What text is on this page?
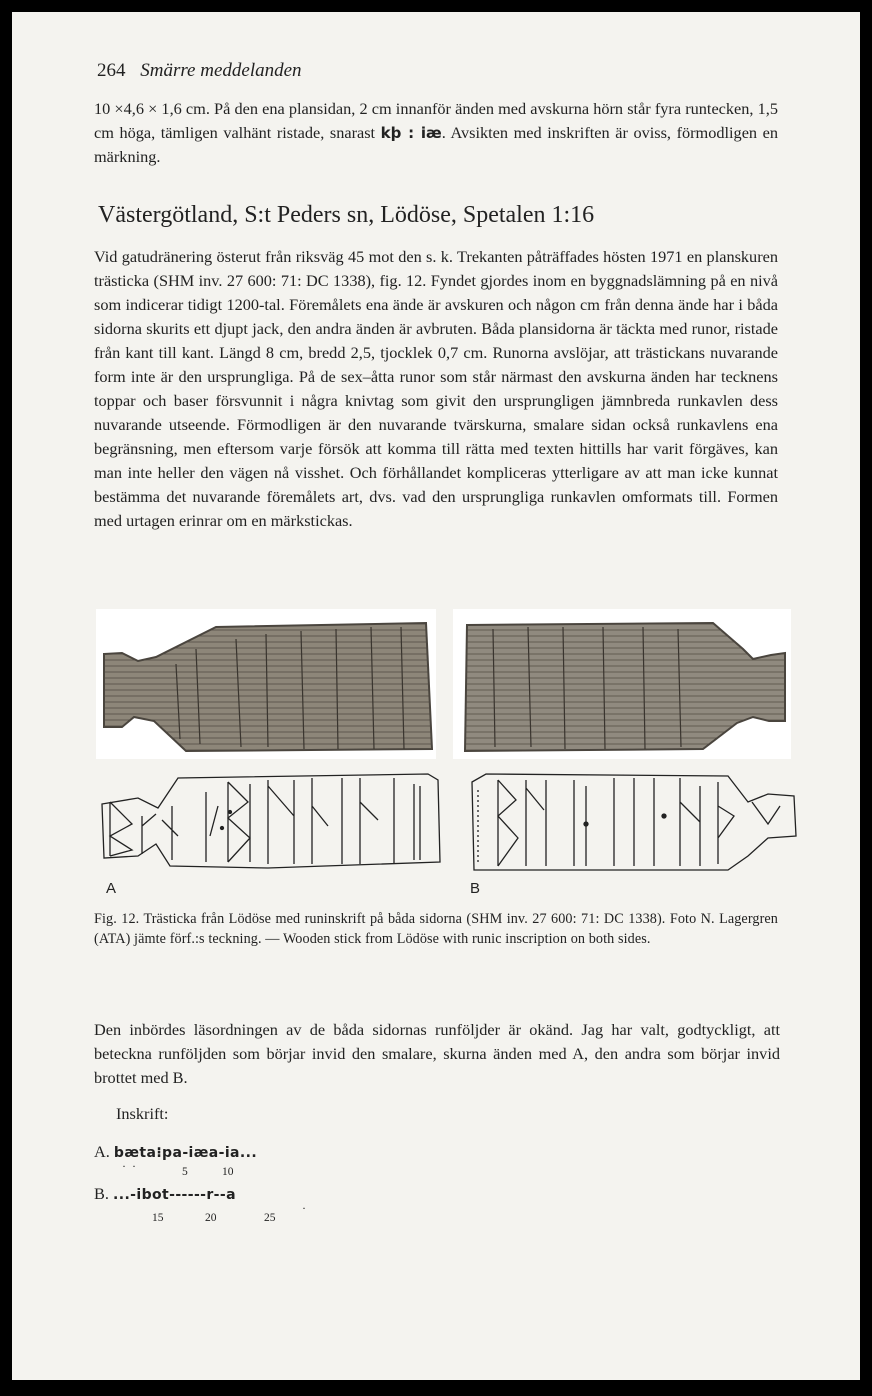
264 Smärre meddelanden

10 ×4,6 × 1,6 cm. På den ena plansidan, 2 cm innanför änden med avskurna hörn står fyra runtecken, 1,5 cm höga, tämligen valhänt ristade, snarast kþ : iæ. Avsikten med inskriften är oviss, förmodligen en märkning.

Västergötland, S:t Peders sn, Lödöse, Spetalen 1:16

Vid gatudränering österut från riksväg 45 mot den s. k. Trekanten påträffades hösten 1971 en planskuren trästicka (SHM inv. 27 600: 71: DC 1338), fig. 12. Fyndet gjordes inom en byggnadslämning på en nivå som indicerar tidigt 1200-tal. Föremålets ena ände är avskuren och någon cm från denna ände har i båda sidorna skurits ett djupt jack, den andra änden är avbruten. Båda plansidorna är täckta med runor, ristade från kant till kant. Längd 8 cm, bredd 2,5, tjocklek 0,7 cm. Runorna avslöjar, att trästickans nuvarande form inte är den ursprungliga. På de sex–åtta runor som står närmast den avskurna änden har tecknens toppar och baser försvunnit i några knivtag som givit den ursprungligen jämnbreda runkavlen dess nuvarande utseende. Förmodligen är den nuvarande tvärskurna, smalare sidan också runkavlens ena begränsning, men eftersom varje försök att komma till rätta med texten hittills har varit förgäves, kan man inte heller den vägen nå visshet. Och förhållandet kompliceras ytterligare av att man icke kunnat bestämma det nuvarande föremålets art, dvs. vad den ursprungliga runkavlen omformats till. Formen med urtagen erinrar om en märkstickas.

A	B

Fig. 12. Trästicka från Lödöse med runinskrift på båda sidorna (SHM inv. 27 600: 71: DC 1338). Foto N. Lagergren (ATA) jämte förf.:s teckning. — Wooden stick from Lödöse with runic inscription on both sides.

Den inbördes läsordningen av de båda sidornas runföljder är okänd. Jag har valt, godtyckligt, att beteckna runföljden som börjar invid den smalare, skurna änden med A, den andra som börjar invid brottet med B.

Inskrift:
A. bæta⁝pa-iæa-ia...
·  ·	5	10
B. ...-ibot------r--a
·
15	20	25
